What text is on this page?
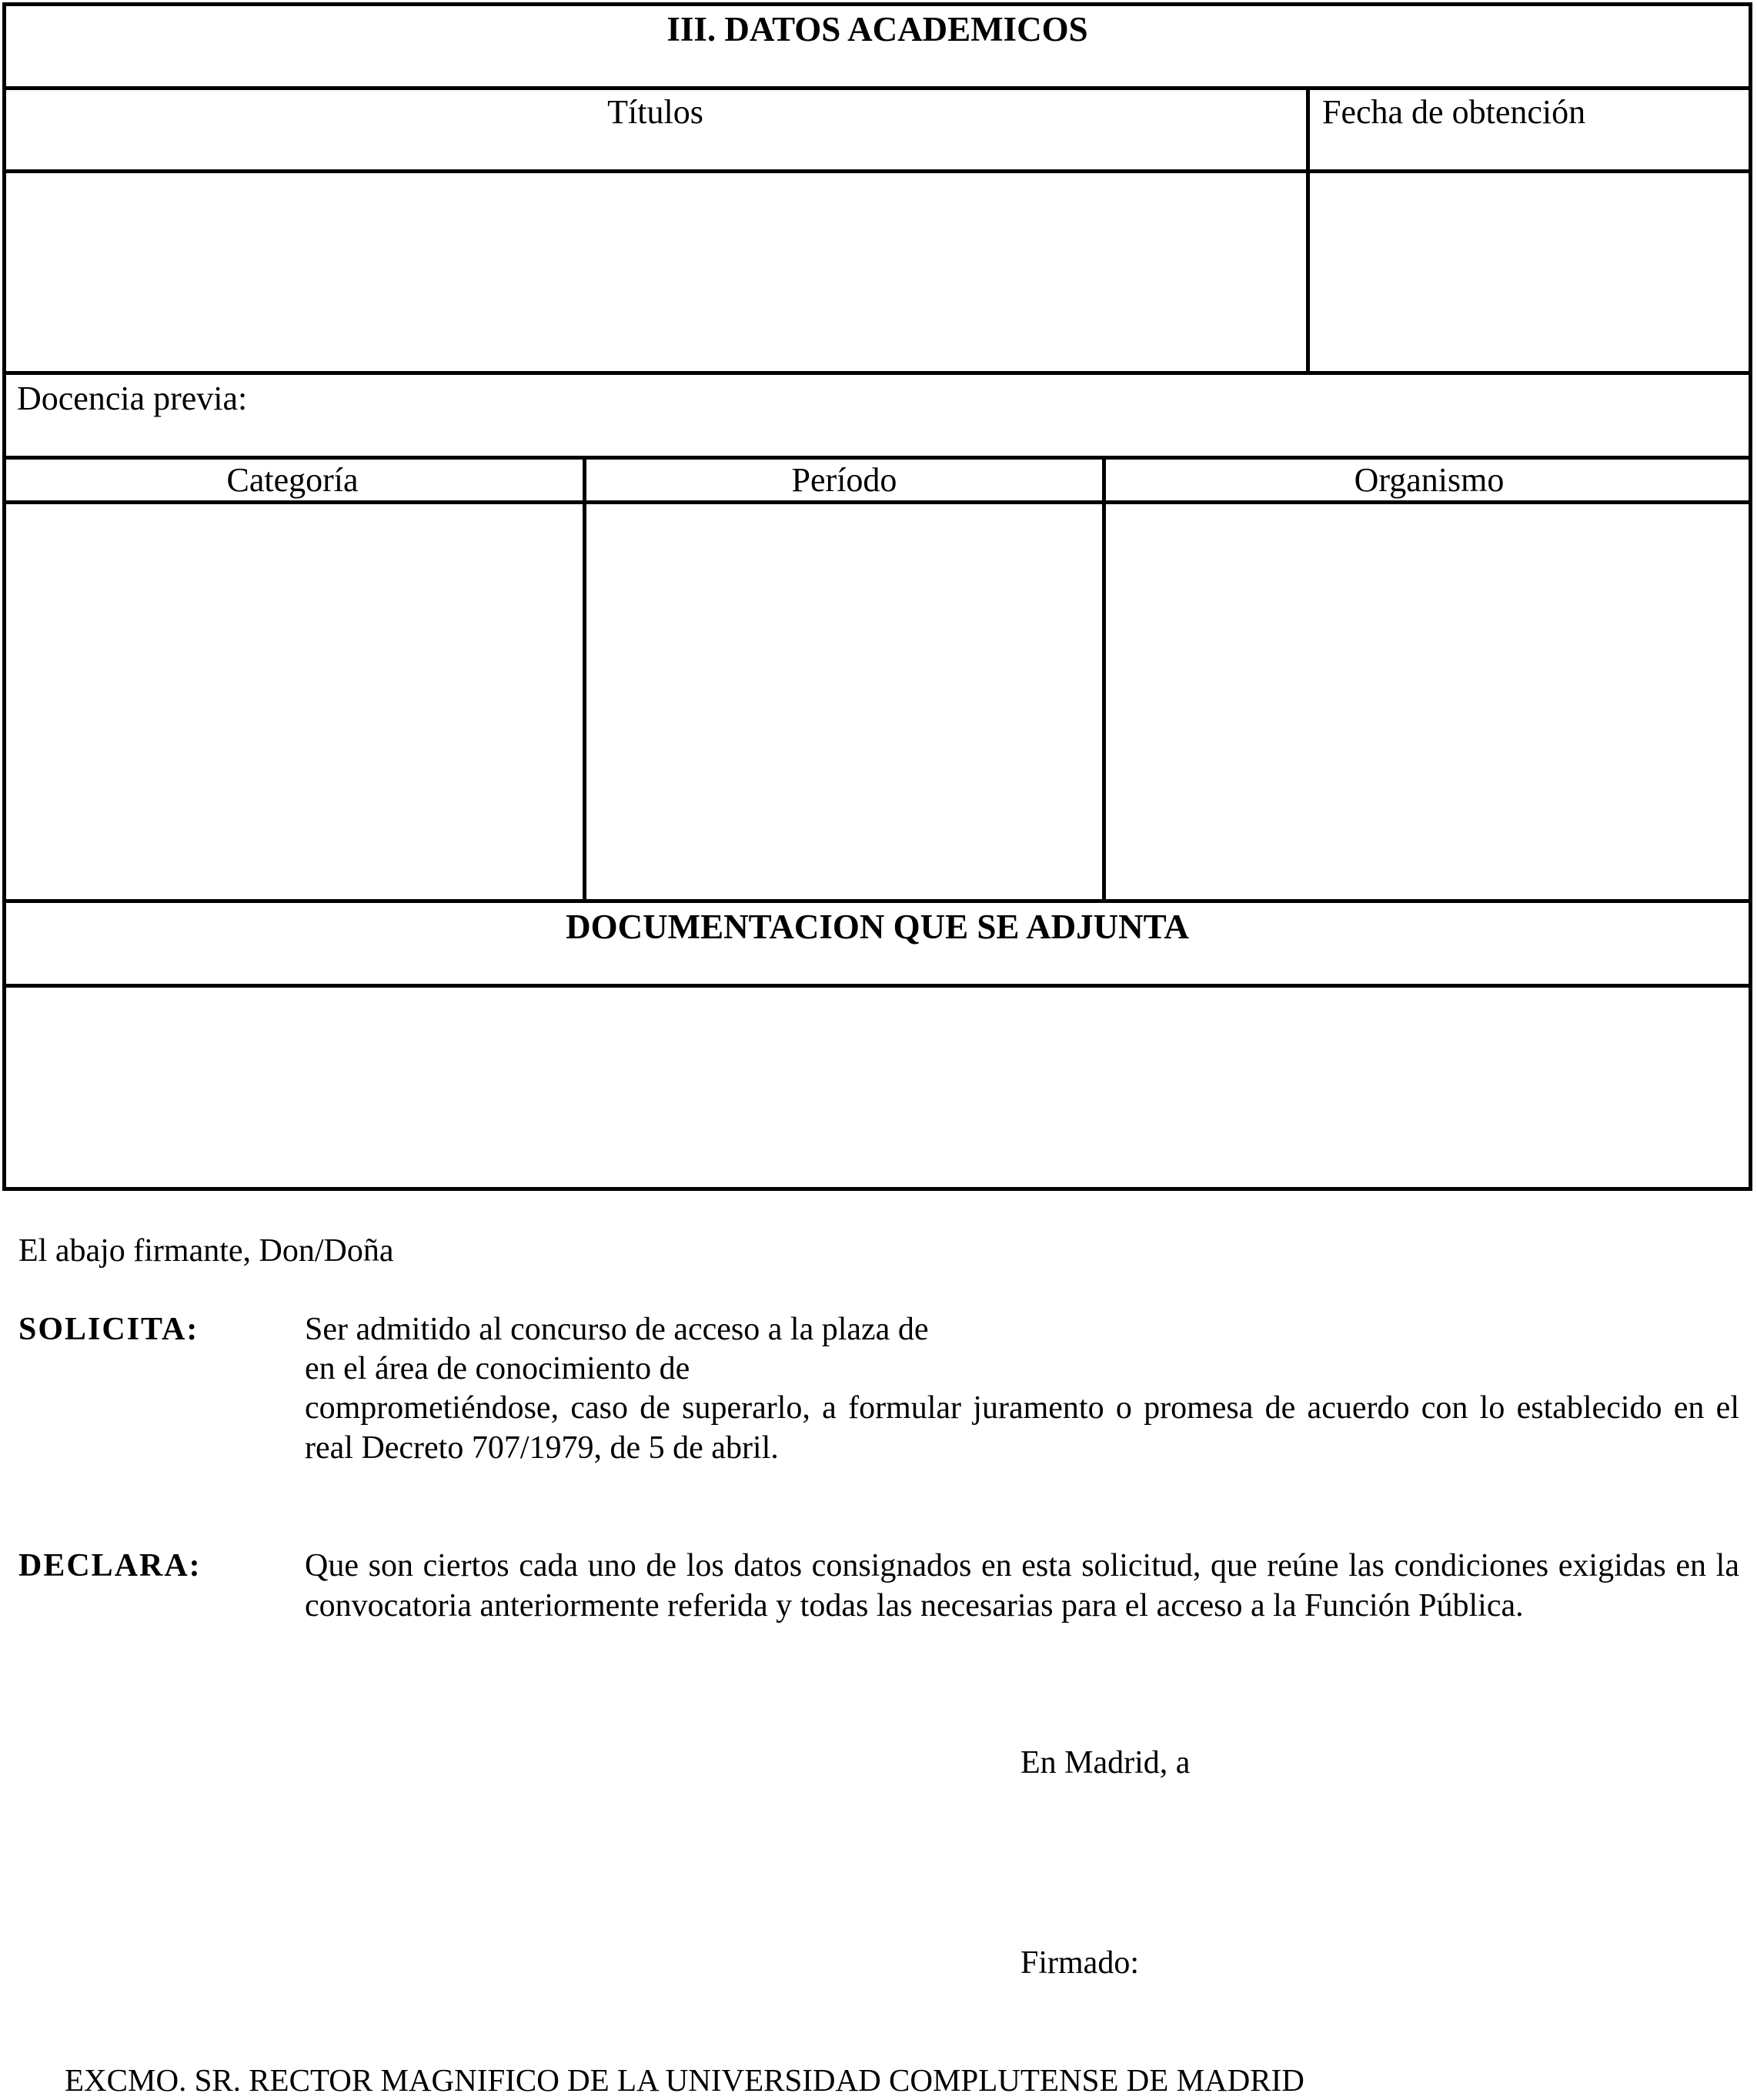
III. DATOS ACADEMICOS
Títulos	Fecha de obtención
Docencia previa:
Categoría	Período	Organismo
DOCUMENTACION QUE SE ADJUNTA
El abajo firmante, Don/Doña
SOLICITA:	Ser admitido al concurso de acceso a la plaza de
en el área de conocimiento de
comprometiéndose, caso de superarlo, a formular juramento o promesa de acuerdo con lo establecido en el real Decreto 707/1979, de 5 de abril.
DECLARA:	Que son ciertos cada uno de los datos consignados en esta solicitud, que reúne las condiciones exigidas en la convocatoria anteriormente referida y todas las necesarias para el acceso a la Función Pública.
En Madrid, a
Firmado:
EXCMO. SR. RECTOR MAGNIFICO DE LA UNIVERSIDAD COMPLUTENSE DE MADRID
